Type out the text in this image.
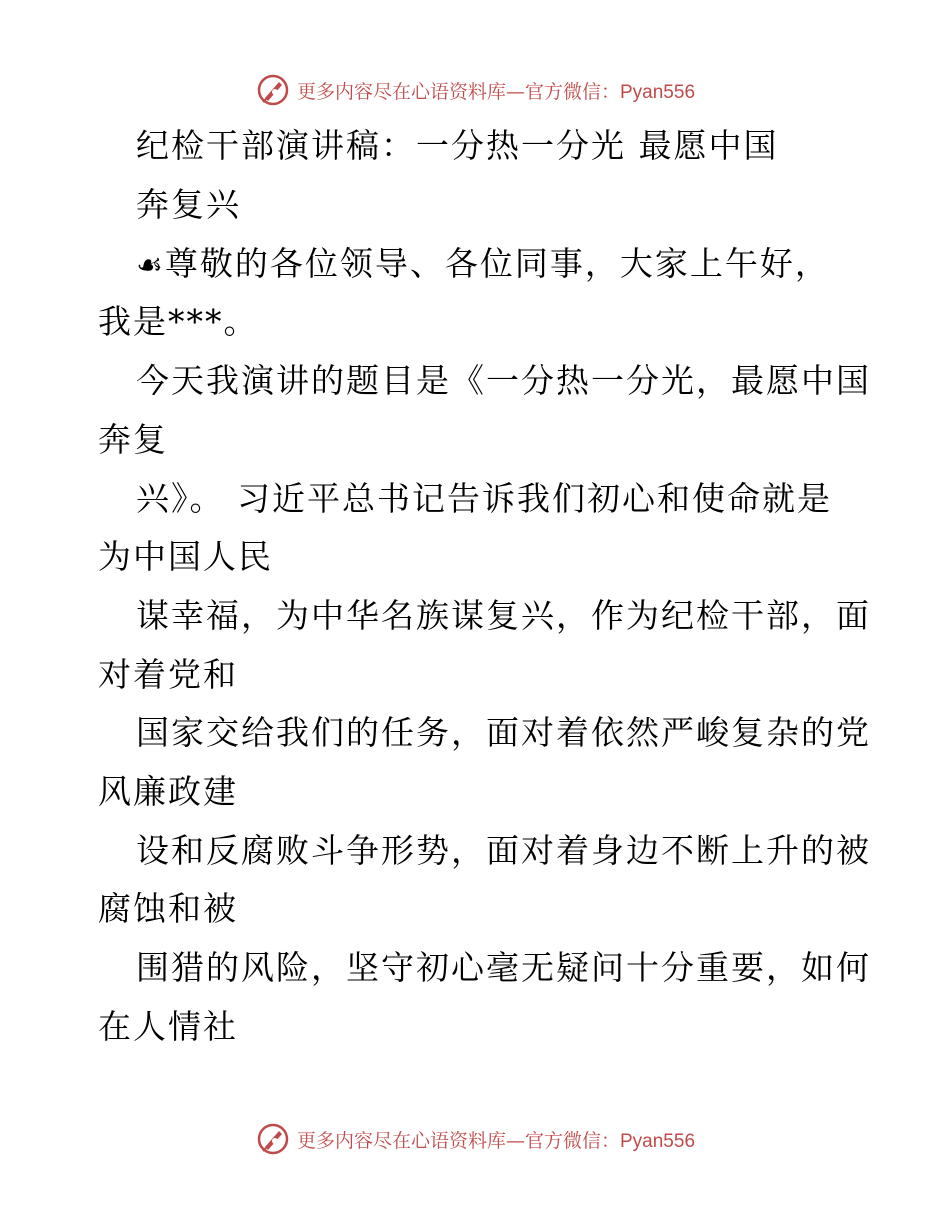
更多内容尽在心语资料库—官方微信：Pyan556
纪检干部演讲稿：一分热一分光 最愿中国
奔复兴
☙尊敬的各位领导、各位同事，大家上午好，
我是***。
今天我演讲的题目是《一分热一分光，最愿中国
奔复
兴》。 习近平总书记告诉我们初心和使命就是
为中国人民
谋幸福，为中华名族谋复兴，作为纪检干部，面
对着党和
国家交给我们的任务，面对着依然严峻复杂的党
风廉政建
设和反腐败斗争形势，面对着身边不断上升的被
腐蚀和被
围猎的风险，坚守初心毫无疑问十分重要，如何
在人情社
更多内容尽在心语资料库—官方微信：Pyan556
